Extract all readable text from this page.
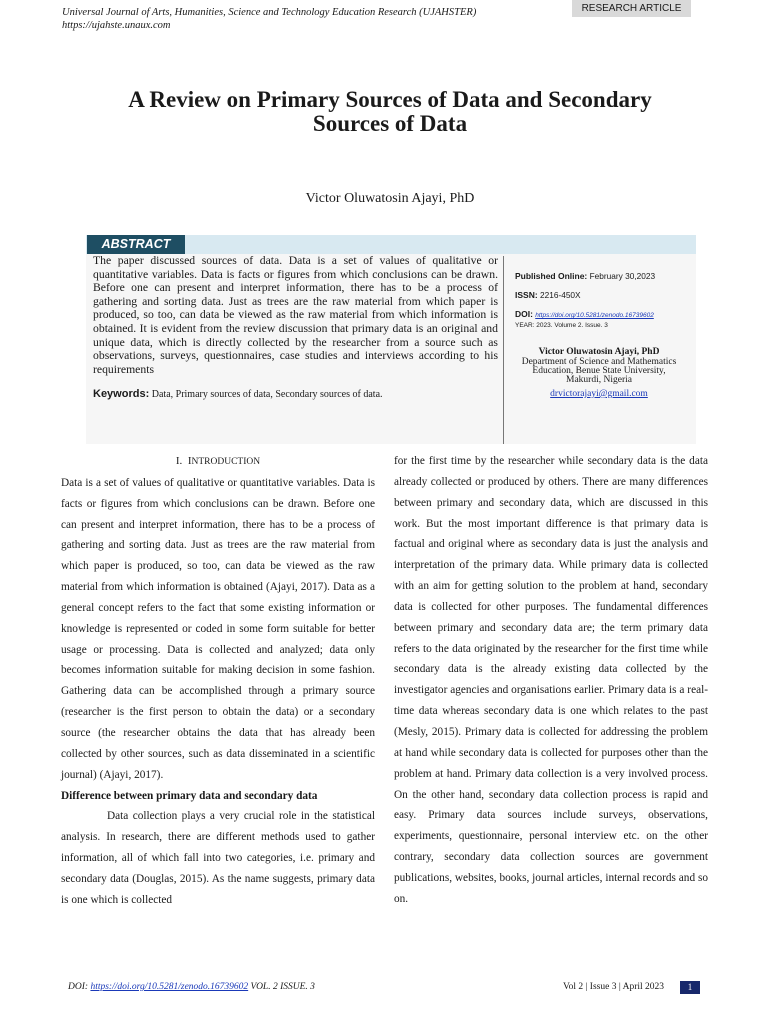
Universal Journal of Arts, Humanities, Science and Technology Education Research (UJAHSTER)
https://ujahste.unaux.com
RESEARCH ARTICLE
A Review on Primary Sources of Data and Secondary
Sources of Data
Victor Oluwatosin Ajayi, PhD
ABSTRACT
The paper discussed sources of data. Data is a set of values of qualitative or quantitative variables. Data is facts or figures from which conclusions can be drawn. Before one can present and interpret information, there has to be a process of gathering and sorting data. Just as trees are the raw material from which paper is produced, so too, can data be viewed as the raw material from which information is obtained. It is evident from the review discussion that primary data is an original and unique data, which is directly collected by the researcher from a source such as observations, surveys, questionnaires, case studies and interviews according to his requirements
Keywords: Data, Primary sources of data, Secondary sources of data.
Published Online: February 30,2023
ISSN: 2216-450X
DOI: https://doi.org/10.5281/zenodo.16739602
YEAR: 2023. Volume 2. Issue. 3
Victor Oluwatosin Ajayi, PhD
Department of Science and Mathematics
Education, Benue State University,
Makurdi, Nigeria
drvictorajayi@gmail.com

I. INTRODUCTION

Data is a set of values of qualitative or quantitative variables. Data is facts or figures from which conclusions can be drawn. Before one can present and interpret information, there has to be a process of gathering and sorting data. Just as trees are the raw material from which paper is produced, so too, can data be viewed as the raw material from which information is obtained (Ajayi, 2017). Data as a general concept refers to the fact that some existing information or knowledge is represented or coded in some form suitable for better usage or processing. Data is collected and analyzed; data only becomes information suitable for making decision in some fashion. Gathering data can be accomplished through a primary source (researcher is the first person to obtain the data) or a secondary source (the researcher obtains the data that has already been collected by other sources, such as data disseminated in a scientific journal) (Ajayi, 2017).

Difference between primary data and secondary data

Data collection plays a very crucial role in the statistical analysis. In research, there are different methods used to gather information, all of which fall into two categories, i.e. primary and secondary data (Douglas, 2015). As the name suggests, primary data is one which is collected

for the first time by the researcher while secondary data is the data already collected or produced by others. There are many differences between primary and secondary data, which are discussed in this work. But the most important difference is that primary data is factual and original where as secondary data is just the analysis and interpretation of the primary data. While primary data is collected with an aim for getting solution to the problem at hand, secondary data is collected for other purposes. The fundamental differences between primary and secondary data are; the term primary data refers to the data originated by the researcher for the first time while secondary data is the already existing data collected by the investigator agencies and organisations earlier. Primary data is a real-time data whereas secondary data is one which relates to the past (Mesly, 2015). Primary data is collected for addressing the problem at hand while secondary data is collected for purposes other than the problem at hand. Primary data collection is a very involved process. On the other hand, secondary data collection process is rapid and easy. Primary data sources include surveys, observations, experiments, questionnaire, personal interview etc. on the other contrary, secondary data collection sources are government publications, websites, books, journal articles, internal records and so on.

DOI: https://doi.org/10.5281/zenodo.16739602 VOL. 2 ISSUE. 3	Vol 2 | Issue 3 | April 2023	1
